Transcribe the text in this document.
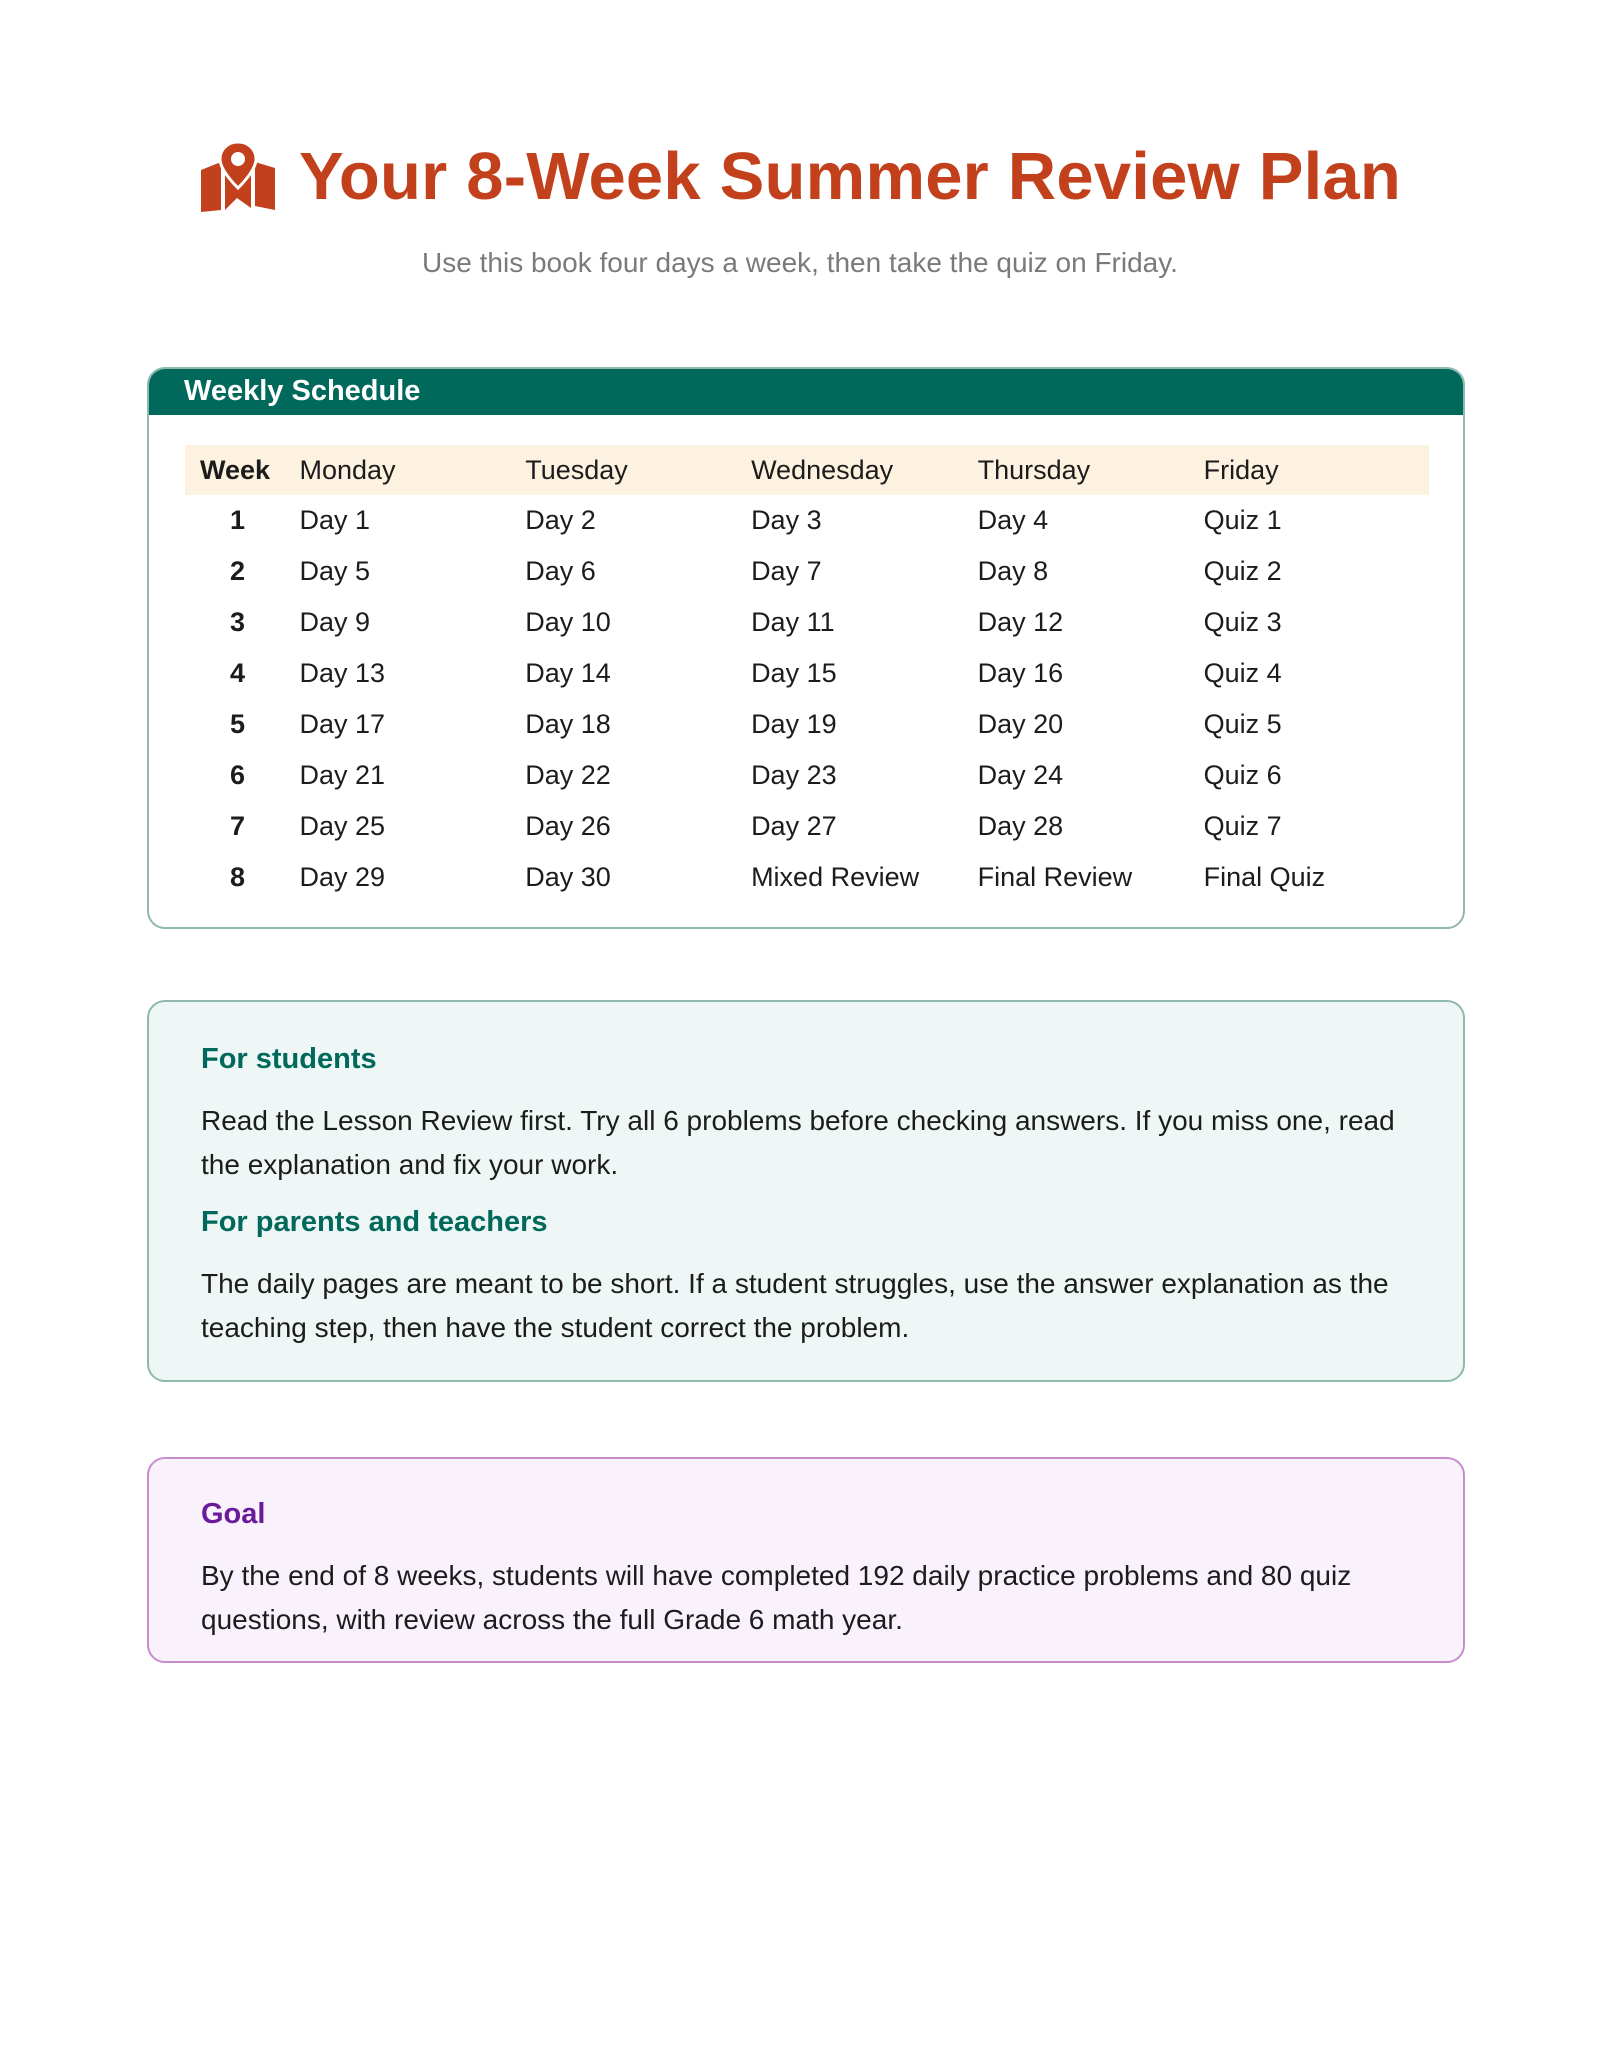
Your 8-Week Summer Review Plan
Use this book four days a week, then take the quiz on Friday.
Weekly Schedule
Week	Monday	Tuesday	Wednesday	Thursday	Friday
1	Day 1	Day 2	Day 3	Day 4	Quiz 1
2	Day 5	Day 6	Day 7	Day 8	Quiz 2
3	Day 9	Day 10	Day 11	Day 12	Quiz 3
4	Day 13	Day 14	Day 15	Day 16	Quiz 4
5	Day 17	Day 18	Day 19	Day 20	Quiz 5
6	Day 21	Day 22	Day 23	Day 24	Quiz 6
7	Day 25	Day 26	Day 27	Day 28	Quiz 7
8	Day 29	Day 30	Mixed Review	Final Review	Final Quiz
For students

Read the Lesson Review first. Try all 6 problems before checking answers. If you miss one, read the explanation and fix your work.

For parents and teachers

The daily pages are meant to be short. If a student struggles, use the answer explanation as the teaching step, then have the student correct the problem.

Goal

By the end of 8 weeks, students will have completed 192 daily practice problems and 80 quiz questions, with review across the full Grade 6 math year.
